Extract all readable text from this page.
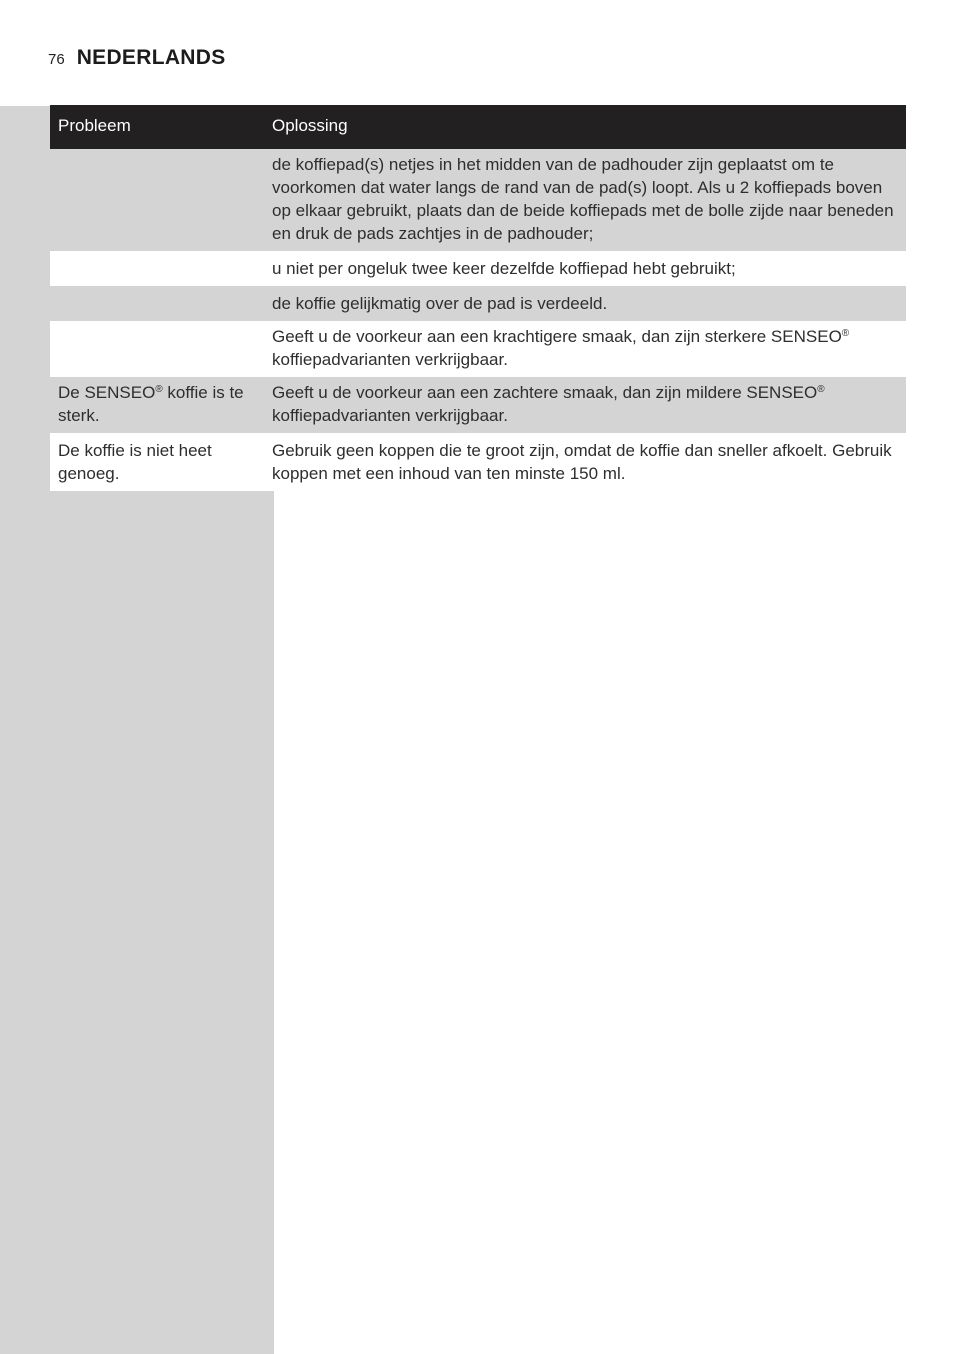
76 NEDERLANDS
Probleem	Oplossing
	de koffiepad(s) netjes in het midden van de padhouder zijn geplaatst om te voorkomen dat water langs de rand van de pad(s) loopt. Als u 2 koffiepads boven op elkaar gebruikt, plaats dan de beide koffiepads met de bolle zijde naar beneden en druk de pads zachtjes in de padhouder;
	u niet per ongeluk twee keer dezelfde koffiepad hebt gebruikt;
	de koffie gelijkmatig over de pad is verdeeld.
	Geeft u de voorkeur aan een krachtigere smaak, dan zijn sterkere SENSEO® koffiepadvarianten verkrijgbaar.
De SENSEO® koffie is te sterk.	Geeft u de voorkeur aan een zachtere smaak, dan zijn mildere SENSEO® koffiepadvarianten verkrijgbaar.
De koffie is niet heet genoeg.	Gebruik geen koppen die te groot zijn, omdat de koffie dan sneller afkoelt. Gebruik koppen met een inhoud van ten minste 150 ml.
